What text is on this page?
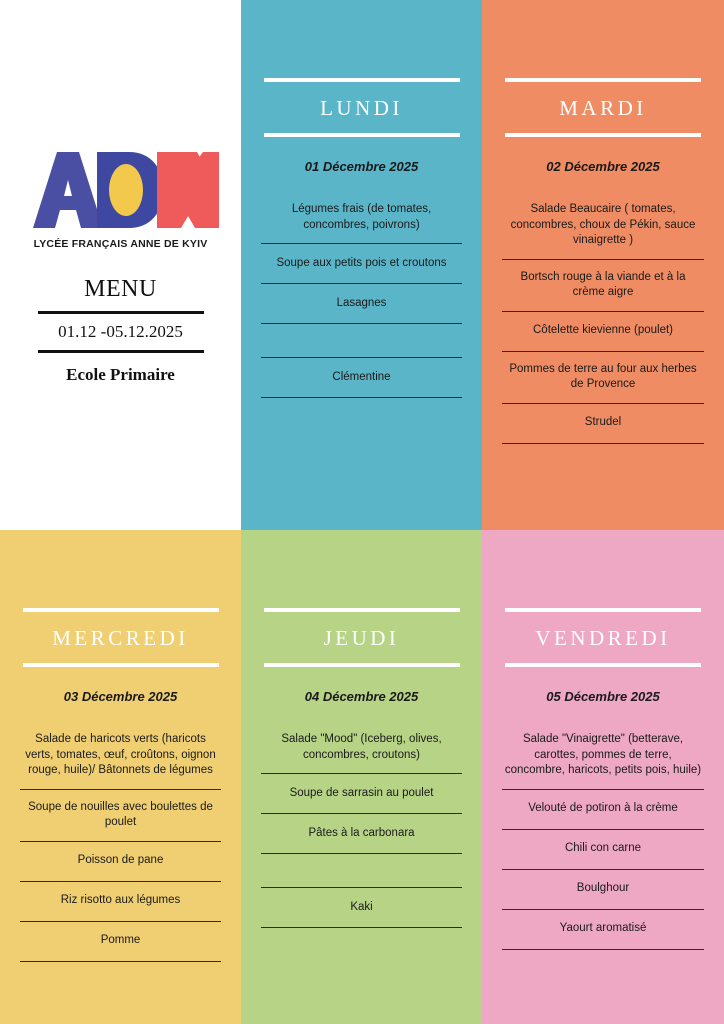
LYCÉE FRANÇAIS ANNE DE KYIV
MENU
01.12 -05.12.2025
Ecole Primaire
LUNDI
01 Décembre 2025
Légumes frais (de tomates, concombres, poivrons)
Soupe aux petits pois et croutons
Lasagnes
Clémentine
MARDI
02 Décembre 2025
Salade Beaucaire ( tomates, concombres, choux de Pékin, sauce vinaigrette )
Bortsch rouge à la viande et à la crème aigre
Côtelette kievienne (poulet)
Pommes de terre au four aux herbes de Provence
Strudel
MERCREDI
03 Décembre 2025
Salade de haricots verts (haricots verts, tomates, œuf, croûtons, oignon rouge, huile)/ Bâtonnets de légumes
Soupe de nouilles avec boulettes de poulet
Poisson de pane
Riz risotto aux légumes
Pomme
JEUDI
04 Décembre 2025
Salade "Mood" (Iceberg, olives, concombres, croutons)
Soupe de sarrasin au poulet
Pâtes à la carbonara
Kaki
VENDREDI
05 Décembre 2025
Salade "Vinaigrette" (betterave, carottes, pommes de terre, concombre, haricots, petits pois, huile)
Velouté de potiron à la crème
Chili con carne
Boulghour
Yaourt aromatisé
